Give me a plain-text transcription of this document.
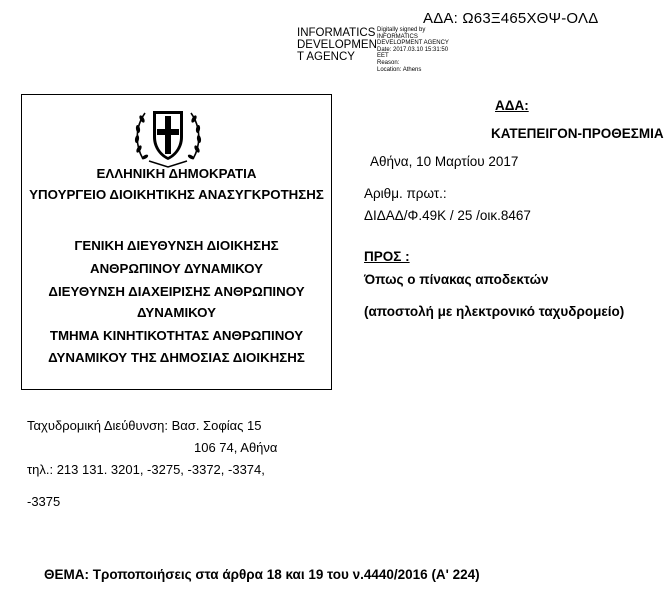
ΑΔΑ: Ω63Ξ465ΧΘΨ-ΟΛΔ
INFORMATICS
DEVELOPMEN
T AGENCY
Digitally signed by
INFORMATICS
DEVELOPMENT AGENCY
Date: 2017.03.10 15:31:50
EET
Reason:
Location: Athens
ΕΛΛΗΝΙΚΗ ΔΗΜΟΚΡΑΤΙΑ
ΥΠΟΥΡΓΕΙΟ ΔΙΟΙΚΗΤΙΚΗΣ ΑΝΑΣΥΓΚΡΟΤΗΣΗΣ
ΓΕΝΙΚΗ ΔΙΕΥΘΥΝΣΗ ΔΙΟΙΚΗΣΗΣ
ΑΝΘΡΩΠΙΝΟΥ ΔΥΝΑΜΙΚΟΥ
ΔΙΕΥΘΥΝΣΗ ΔΙΑΧΕΙΡΙΣΗΣ ΑΝΘΡΩΠΙΝΟΥ
ΔΥΝΑΜΙΚΟΥ
ΤΜΗΜΑ ΚΙΝΗΤΙΚΟΤΗΤΑΣ ΑΝΘΡΩΠΙΝΟΥ
ΔΥΝΑΜΙΚΟΥ ΤΗΣ ΔΗΜΟΣΙΑΣ ΔΙΟΙΚΗΣΗΣ
ΑΔΑ:
ΚΑΤΕΠΕΙΓΟΝ-ΠΡΟΘΕΣΜΙΑ
Αθήνα, 10 Μαρτίου 2017
Αριθμ. πρωτ.:
ΔΙΔΑΔ/Φ.49Κ / 25 /οικ.8467
ΠΡΟΣ :
Όπως ο πίνακας αποδεκτών
(αποστολή με ηλεκτρονικό ταχυδρομείο)
Ταχυδρομική Διεύθυνση: Βασ. Σοφίας 15
106 74, Αθήνα
τηλ.: 213 131. 3201, -3275, -3372, -3374,
-3375
ΘΕΜΑ: Τροποποιήσεις στα άρθρα 18 και 19 του ν.4440/2016 (Α' 224)
